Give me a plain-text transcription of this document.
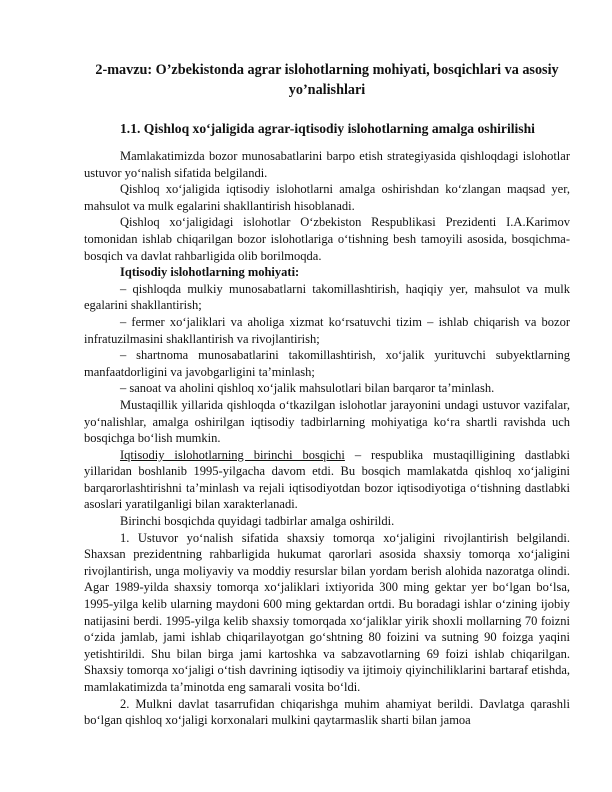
2-mavzu: O’zbekistonda agrar islohotlarning mohiyati, bosqichlari va asosiy yo’nalishlari
1.1. Qishloq xo‘jaligida agrar-iqtisodiy islohotlarning amalga oshirilishi

Mamlakatimizda bozor munosabatlarini barpo etish strategiyasida qishloqdagi islohotlar ustuvor yo‘nalish sifatida belgilandi.

Qishloq xo‘jaligida iqtisodiy islohotlarni amalga oshirishdan ko‘zlangan maqsad yer, mahsulot va mulk egalarini shakllantirish hisoblanadi.

Qishloq xo‘jaligidagi islohotlar O‘zbekiston Respublikasi Prezidenti I.A.Karimov tomonidan ishlab chiqarilgan bozor islohotlariga o‘tishning besh tamoyili asosida, bosqichma-bosqich va davlat rahbarligida olib borilmoqda.

Iqtisodiy islohotlarning mohiyati:

– qishloqda mulkiy munosabatlarni takomillashtirish, haqiqiy yer, mahsulot va mulk egalarini shakllantirish;

– fermer xo‘jaliklari va aholiga xizmat ko‘rsatuvchi tizim – ishlab chiqarish va bozor infratuzilmasini shakllantirish va rivojlantirish;

– shartnoma munosabatlarini takomillashtirish, xo‘jalik yurituvchi subyektlarning manfaatdorligini va javobgarligini ta’minlash;

– sanoat va aholini qishloq xo‘jalik mahsulotlari bilan barqaror ta’minlash.

Mustaqillik yillarida qishloqda o‘tkazilgan islohotlar jarayonini undagi ustuvor vazifalar, yo‘nalishlar, amalga oshirilgan iqtisodiy tadbirlarning mohiyatiga ko‘ra shartli ravishda uch bosqichga bo‘lish mumkin.

Iqtisodiy islohotlarning birinchi bosqichi – respublika mustaqilligining dastlabki yillaridan boshlanib 1995-yilgacha davom etdi. Bu bosqich mamlakatda qishloq xo‘jaligini barqarorlashtirishni ta’minlash va rejali iqtisodiyotdan bozor iqtisodiyotiga o‘tishning dastlabki asoslari yaratilganligi bilan xarakterlanadi.

Birinchi bosqichda quyidagi tadbirlar amalga oshirildi.

1. Ustuvor yo‘nalish sifatida shaxsiy tomorqa xo‘jaligini rivojlantirish belgilandi. Shaxsan prezidentning rahbarligida hukumat qarorlari asosida shaxsiy tomorqa xo‘jaligini rivojlantirish, unga moliyaviy va moddiy resurslar bilan yordam berish alohida nazoratga olindi. Agar 1989-yilda shaxsiy tomorqa xo‘jaliklari ixtiyorida 300 ming gektar yer bo‘lgan bo‘lsa, 1995-yilga kelib ularning maydoni 600 ming gektardan ortdi. Bu boradagi ishlar o‘zining ijobiy natijasini berdi. 1995-yilga kelib shaxsiy tomorqada xo‘jaliklar yirik shoxli mollarning 70 foizni o‘zida jamlab, jami ishlab chiqarilayotgan go‘shtning 80 foizini va sutning 90 foizga yaqini yetishtirildi. Shu bilan birga jami kartoshka va sabzavotlarning 69 foizi ishlab chiqarilgan. Shaxsiy tomorqa xo‘jaligi o‘tish davrining iqtisodiy va ijtimoiy qiyinchiliklarini bartaraf etishda, mamlakatimizda ta’minotda eng samarali vosita bo‘ldi.

2. Mulkni davlat tasarrufidan chiqarishga muhim ahamiyat berildi. Davlatga qarashli bo‘lgan qishloq xo‘jaligi korxonalari mulkini qaytarmaslik sharti bilan jamoa
